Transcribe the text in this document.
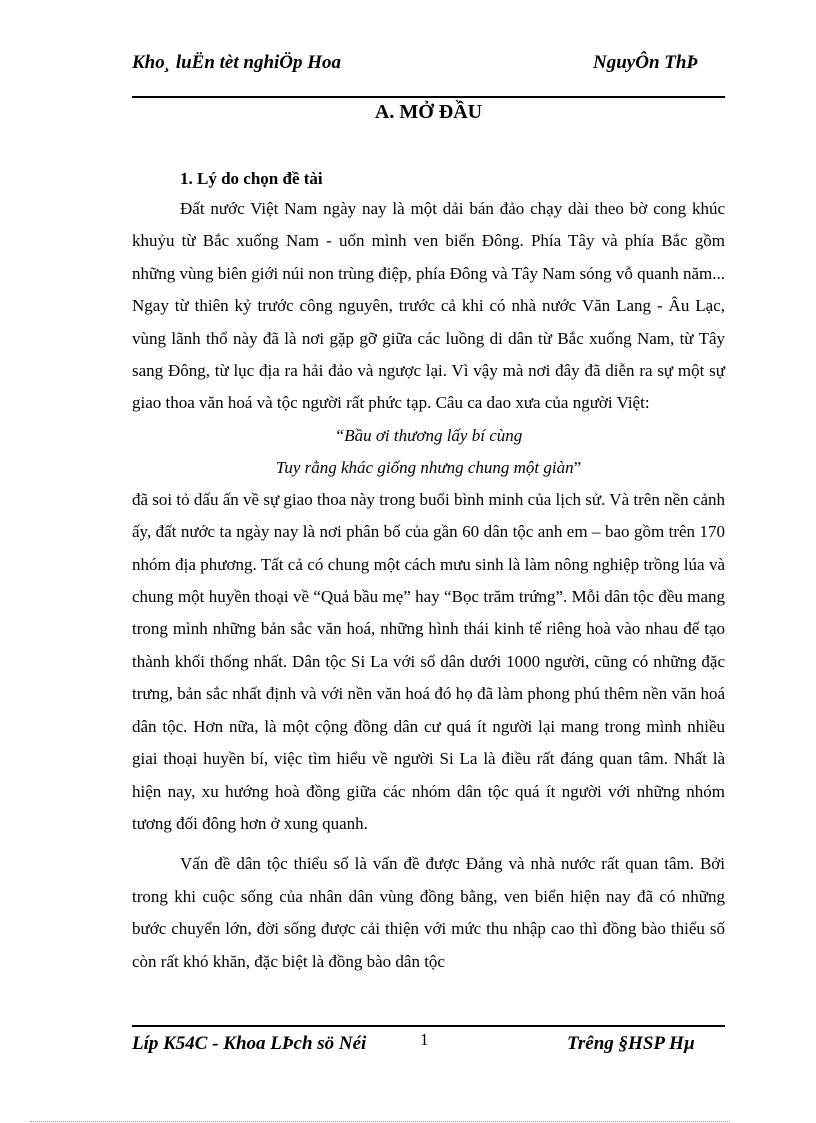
Kho¸ luËn tèt nghiÖp Hoa	NguyÔn ThÞ
A. MỞ ĐẦU

1. Lý do chọn đề tài

Đất nước Việt Nam ngày nay là một dải bán đảo chạy dài theo bờ cong khúc khuỷu từ Bắc xuống Nam - uốn mình ven biển Đông. Phía Tây và phía Bắc gồm những vùng biên giới núi non trùng điệp, phía Đông và Tây Nam sóng vỗ quanh năm... Ngay từ thiên kỷ trước công nguyên, trước cả khi có nhà nước Văn Lang - Âu Lạc, vùng lãnh thổ này đã là nơi gặp gỡ giữa các luồng di dân từ Bắc xuống Nam, từ Tây sang Đông, từ lục địa ra hải đảo và ngược lại. Vì vậy mà nơi đây đã diễn ra sự một sự giao thoa văn hoá và tộc người rất phức tạp. Câu ca dao xưa của người Việt:

“Bầu ơi thương lấy bí cùng

Tuy rằng khác giống nhưng chung một giàn”

đã soi tỏ dấu ấn về sự giao thoa này trong buổi bình minh của lịch sử. Và trên nền cảnh ấy, đất nước ta ngày nay là nơi phân bố của gần 60 dân tộc anh em – bao gồm trên 170 nhóm địa phương. Tất cả có chung một cách mưu sinh là làm nông nghiệp trồng lúa và chung một huyền thoại về “Quả bầu mẹ” hay “Bọc trăm trứng”. Mỗi dân tộc đều mang trong mình những bản sắc văn hoá, những hình thái kinh tế riêng hoà vào nhau để tạo thành khối thống nhất. Dân tộc Si La với số dân dưới 1000 người, cũng có những đặc trưng, bản sắc nhất định và với nền văn hoá đó họ đã làm phong phú thêm nền văn hoá dân tộc. Hơn nữa, là một cộng đồng dân cư quá ít người lại mang trong mình nhiều giai thoại huyền bí, việc tìm hiểu về người Si La là điều rất đáng quan tâm. Nhất là hiện nay, xu hướng hoà đồng giữa các nhóm dân tộc quá ít người với những nhóm tương đối đông hơn ở xung quanh.

Vấn đề dân tộc thiểu số là vấn đề được Đảng và nhà nước rất quan tâm. Bởi trong khi cuộc sống của nhân dân vùng đồng bằng, ven biển hiện nay đã có những bước chuyển lớn, đời sống được cải thiện với mức thu nhập cao thì đồng bào thiểu số còn rất khó khăn, đặc biệt là đồng bào dân tộc

Líp K54C - Khoa LÞch sö Néi	1	Trêng §HSP Hµ
